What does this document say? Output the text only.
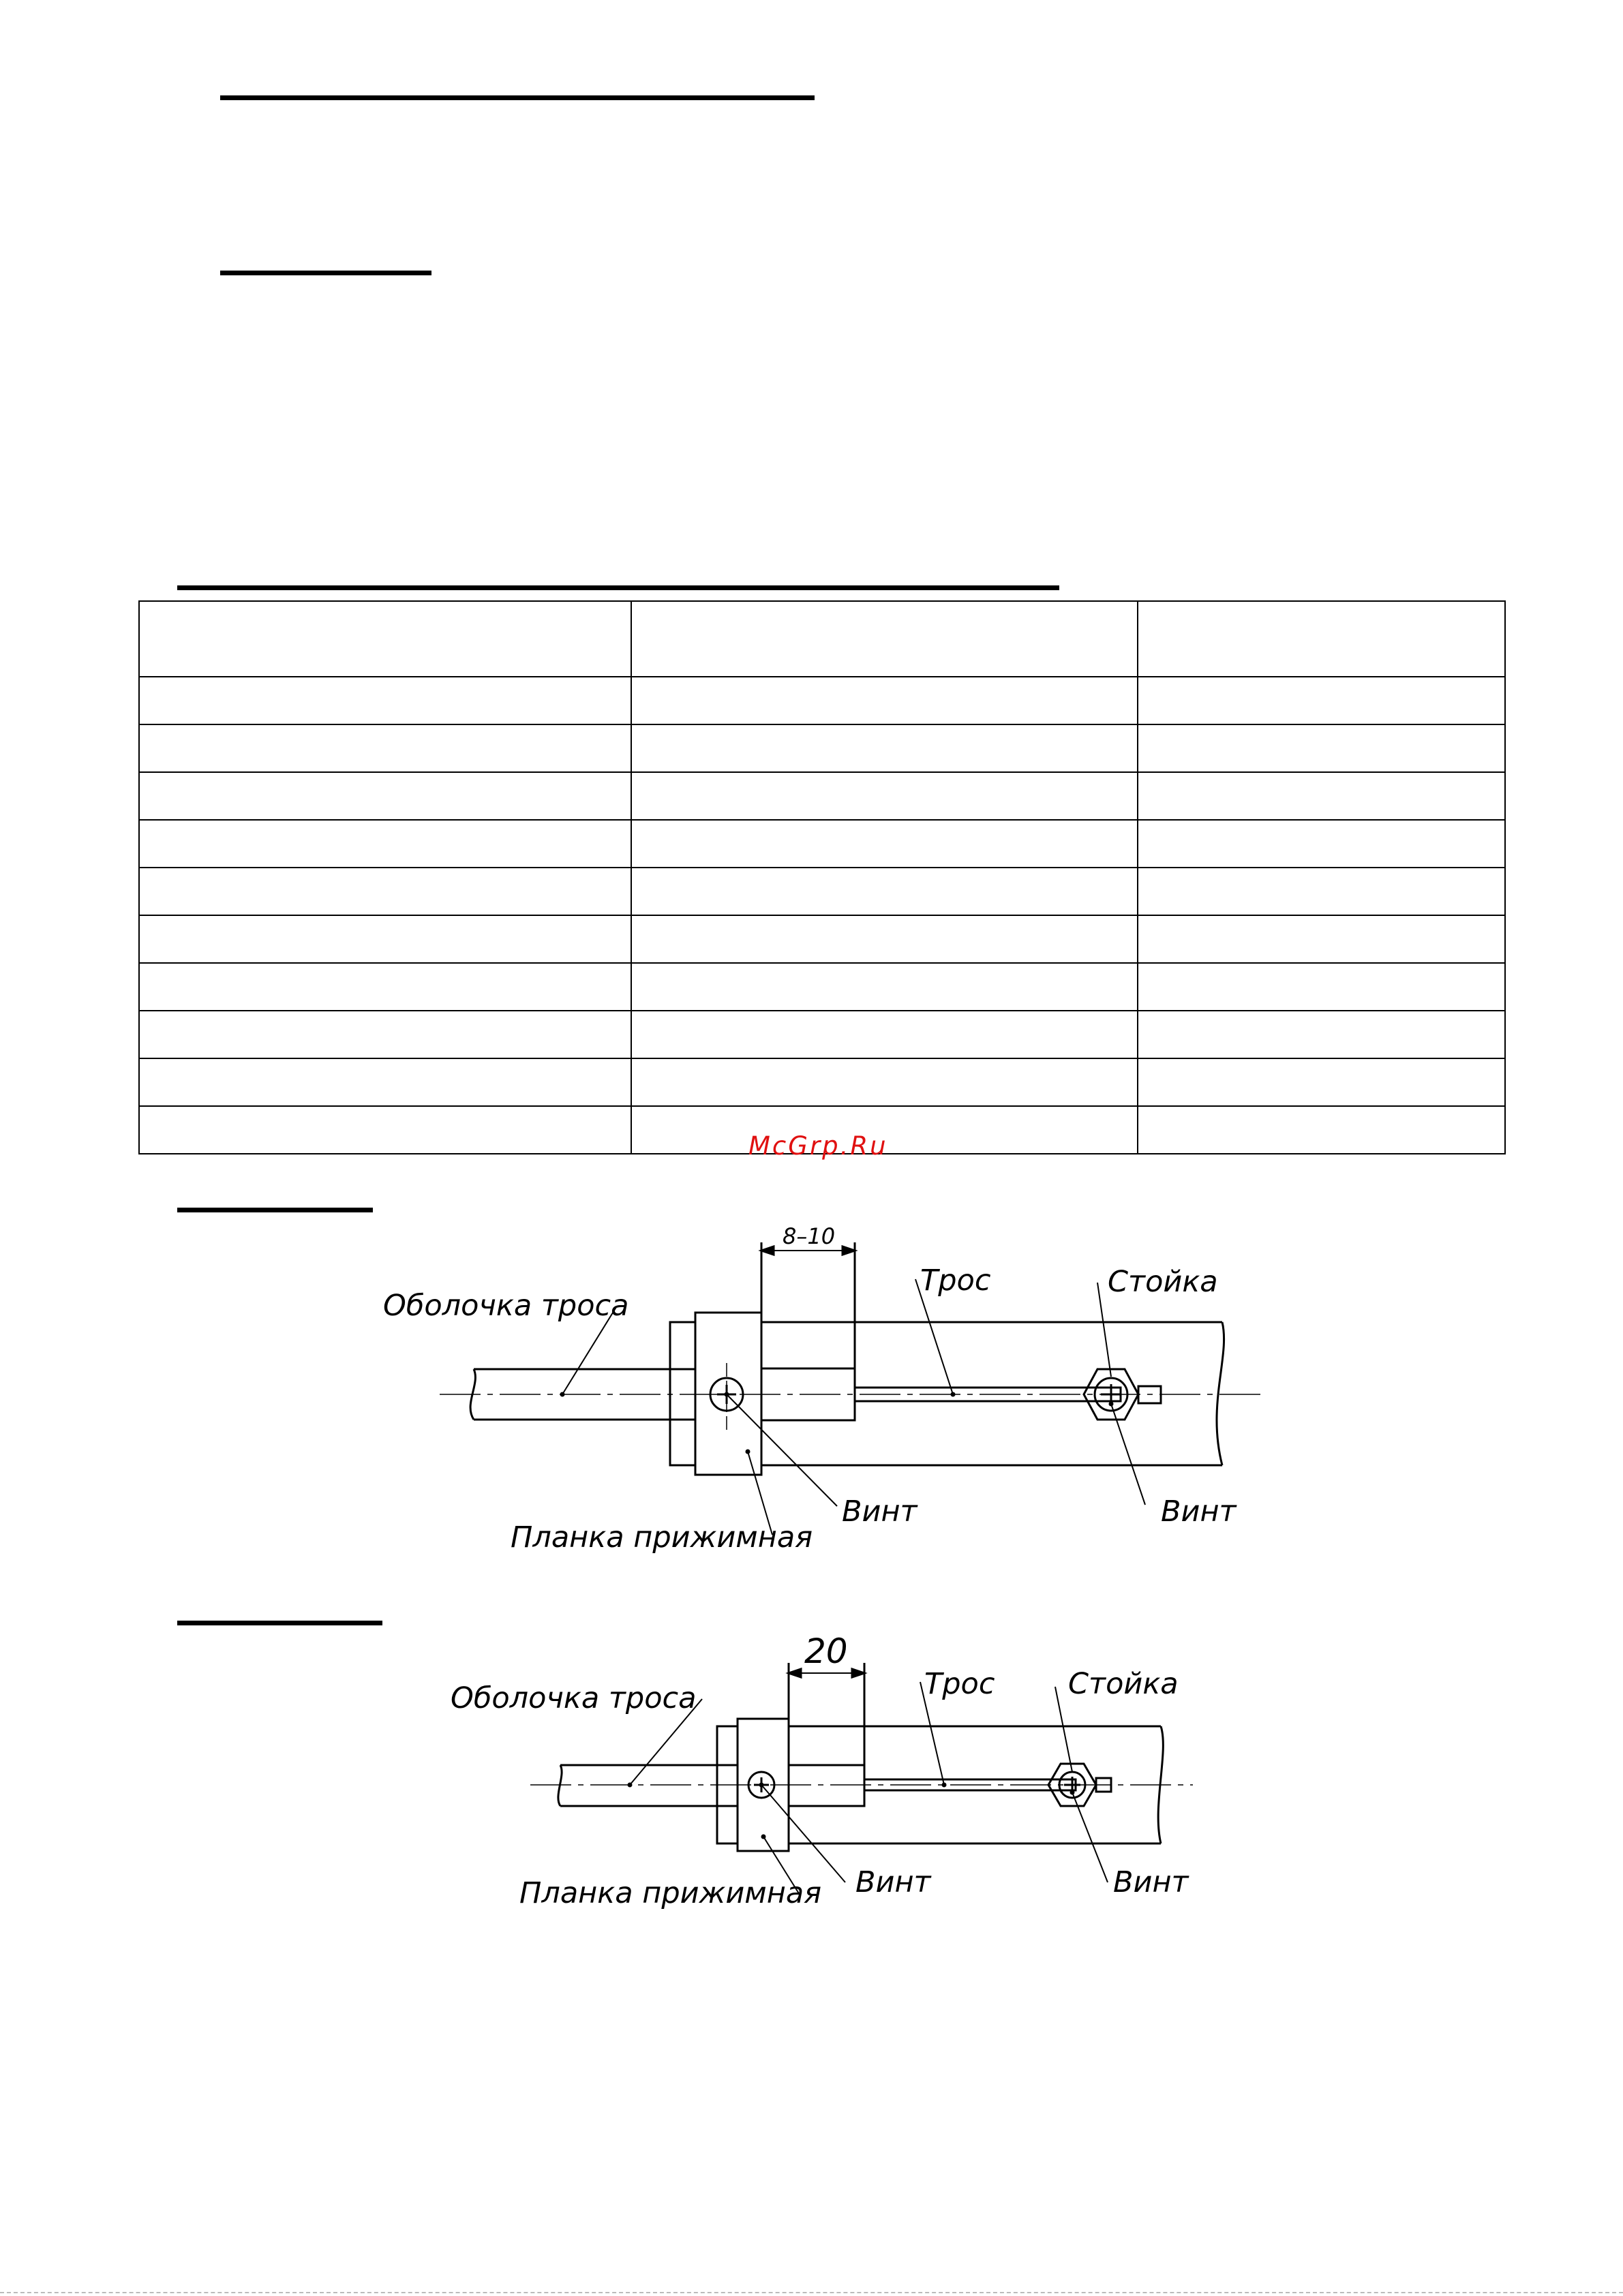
McGrp.Ru
8–10
Оболочка троса
Трос	Стойка
Винт	Винт
Планка прижимная
20
Оболочка троса	Трос Стойка
Винт	Винт
Планка прижимная
